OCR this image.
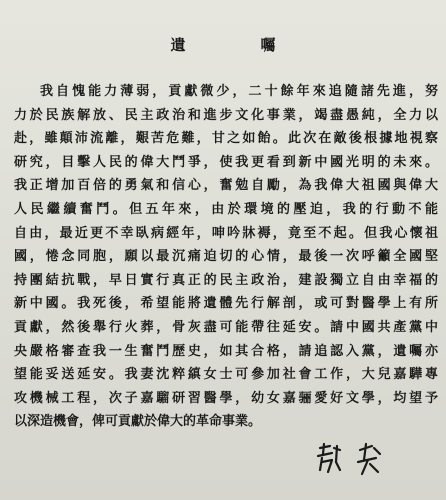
遺　囑
我自愧能力薄弱，貢獻微少，二十餘年來追隨諸先進，努
力於民族解放、民主政治和進步文化事業，竭盡愚純，全力以
赴，雖顛沛流離，艱苦危難，甘之如飴。此次在敵後根據地視察
研究，目擊人民的偉大鬥爭，使我更看到新中國光明的未來。
我正增加百倍的勇氣和信心，奮勉自勵，為我偉大祖國與偉大
人民繼續奮鬥。但五年來，由於環境的壓迫，我的行動不能
自由，最近更不幸臥病經年，呻吟牀褥，竟至不起。但我心懷祖
國，惓念同胞，願以最沉痛迫切的心情，最後一次呼籲全國堅
持團結抗戰，早日實行真正的民主政治，建設獨立自由幸福的
新中國。我死後，希望能將遺體先行解剖，或可對醫學上有所
貢獻，然後舉行火葬，骨灰盡可能帶往延安。請中國共產黨中
央嚴格審查我一生奮鬥歷史，如其合格，請追認入黨，遺囑亦
望能妥送延安。我妻沈粹縝女士可參加社會工作，大兒嘉驊專
攻機械工程，次子嘉騮研習醫學，幼女嘉骊愛好文學，均望予
以深造機會，俾可貢獻於偉大的革命事業。
